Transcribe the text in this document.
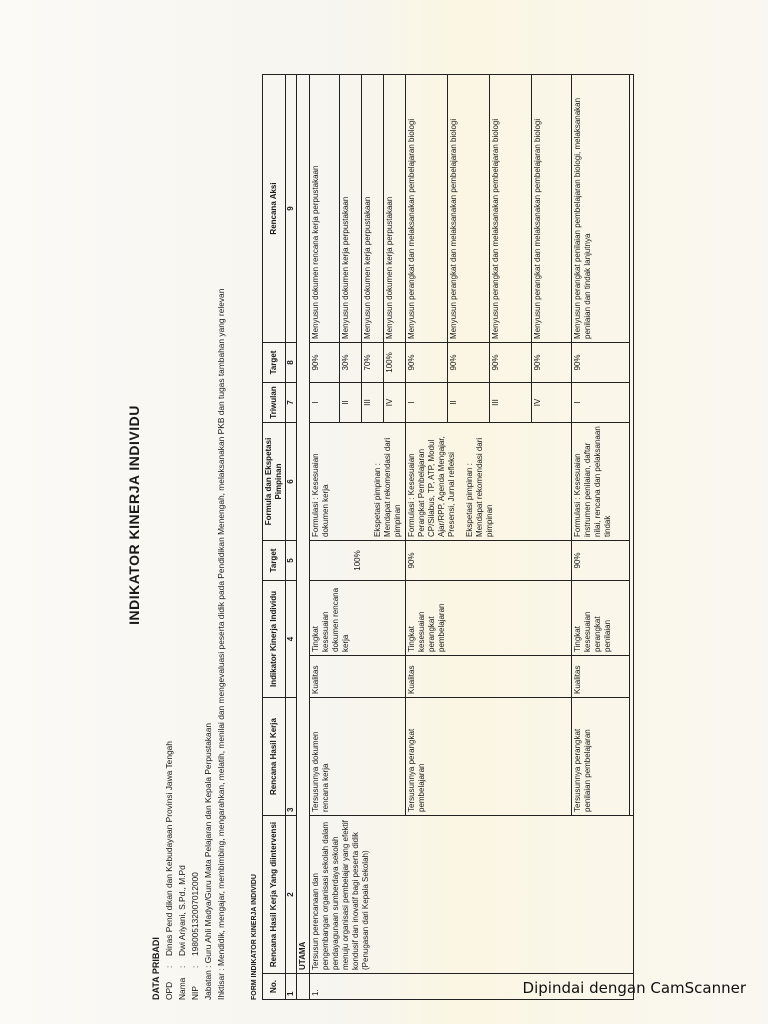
INDIKATOR KINERJA INDIVIDU
DATA PRIBADI OPD
:
Dinas Pend dikan dan Kebudayaan Provinsi Jawa Tengah
Nama
:
Dwi Ariyani, S.Pd., M.Pd
NIP
:
19800513200701​2000
Jabatan
:
Guru Ahli Madya/Guru Mata Pelajaran dan Kepala Perpustakaan
Ihktisar
:
Mendidik, mengajar, membimbing, mengarahkan, melatih, menilai dan mengevaluasi peserta didik pada Pendidikan Menengah, melaksanakan PKB dan tugas tambahan yang relevan	FORM INDIKATOR KINERJA INDIVIDU No.	Rencana Hasil Kerja Yang diintervensi	Rencana Hasil Kerja	Indikator Kinerja Individu		Target	Formula dan Ekspetasi Pimpinan	Triwulan	Target	Rencana Aksi
1	2	3	4		5	6	7	8	9
	UTAMA								
1.	Tersusun perencanaan dan pengembangan organisasi sekolah dalam pendayagunaan sumberdaya sekolah menuju organisasi pembelajar yang efektif kondusif dan inovatif bagi peserta didik (Penugasan dari Kepala Sekolah)	Tersusunnya dokumen rencana kerja	Kualitas	Tingkat kesesuaian dokumen rencana kerja	100%	Formulasi : Kesesuaian dokumen kerja Ekspetasi pimpinan : Mendapat rekomendasi dari pimpinan	I	90%	Menyusun dokumen rencana kerja perpustakaan
							II	30%	Menyusun dokumen kerja perpustakaan
							III	70%	Menyusun dokumen kerja perpustakaan
							IV	100%	Menyusun dokumen kerja perpustakaan
		Tersusunnya perangkat pembelajaran	Kualitas	Tingkat kesesuaian perangkat pembelajaran	90%	Formulasi : Kesesuaian Perangkat Pembelajaran CP/Silabus, TP, ATP, Modul Ajar/RPP, Agenda Mengajar, Presensi, Jurnal refleksi Ekspetasi pimpinan : Mendapat rekomendasi dari pimpinan	I	90%	Menyusun perangkat dan melaksanakan pembelajaran biologi
							II	90%	Menyusun perangkat dan melaksanakan pembelajaran biologi
							III	90%	Menyusun perangkat dan melaksanakan pembelajaran biologi
							IV	90%	Menyusun perangkat dan melaksanakan pembelajaran biologi
		Tersusunnya perangkat penilaian pembelajaran	Kualitas	Tingkat kesesuaian perangkat penilaian	90%	Formulasi : Kesesuaian instrumen penilaian, daftar nilai, rencana dan pelaksanaan tindak	I	90%	Menyusun perangkat penilaian pembelajaran biologi, melaksanakan penilaian dan tindak lanjutnya

Dipindai dengan CamScanner
